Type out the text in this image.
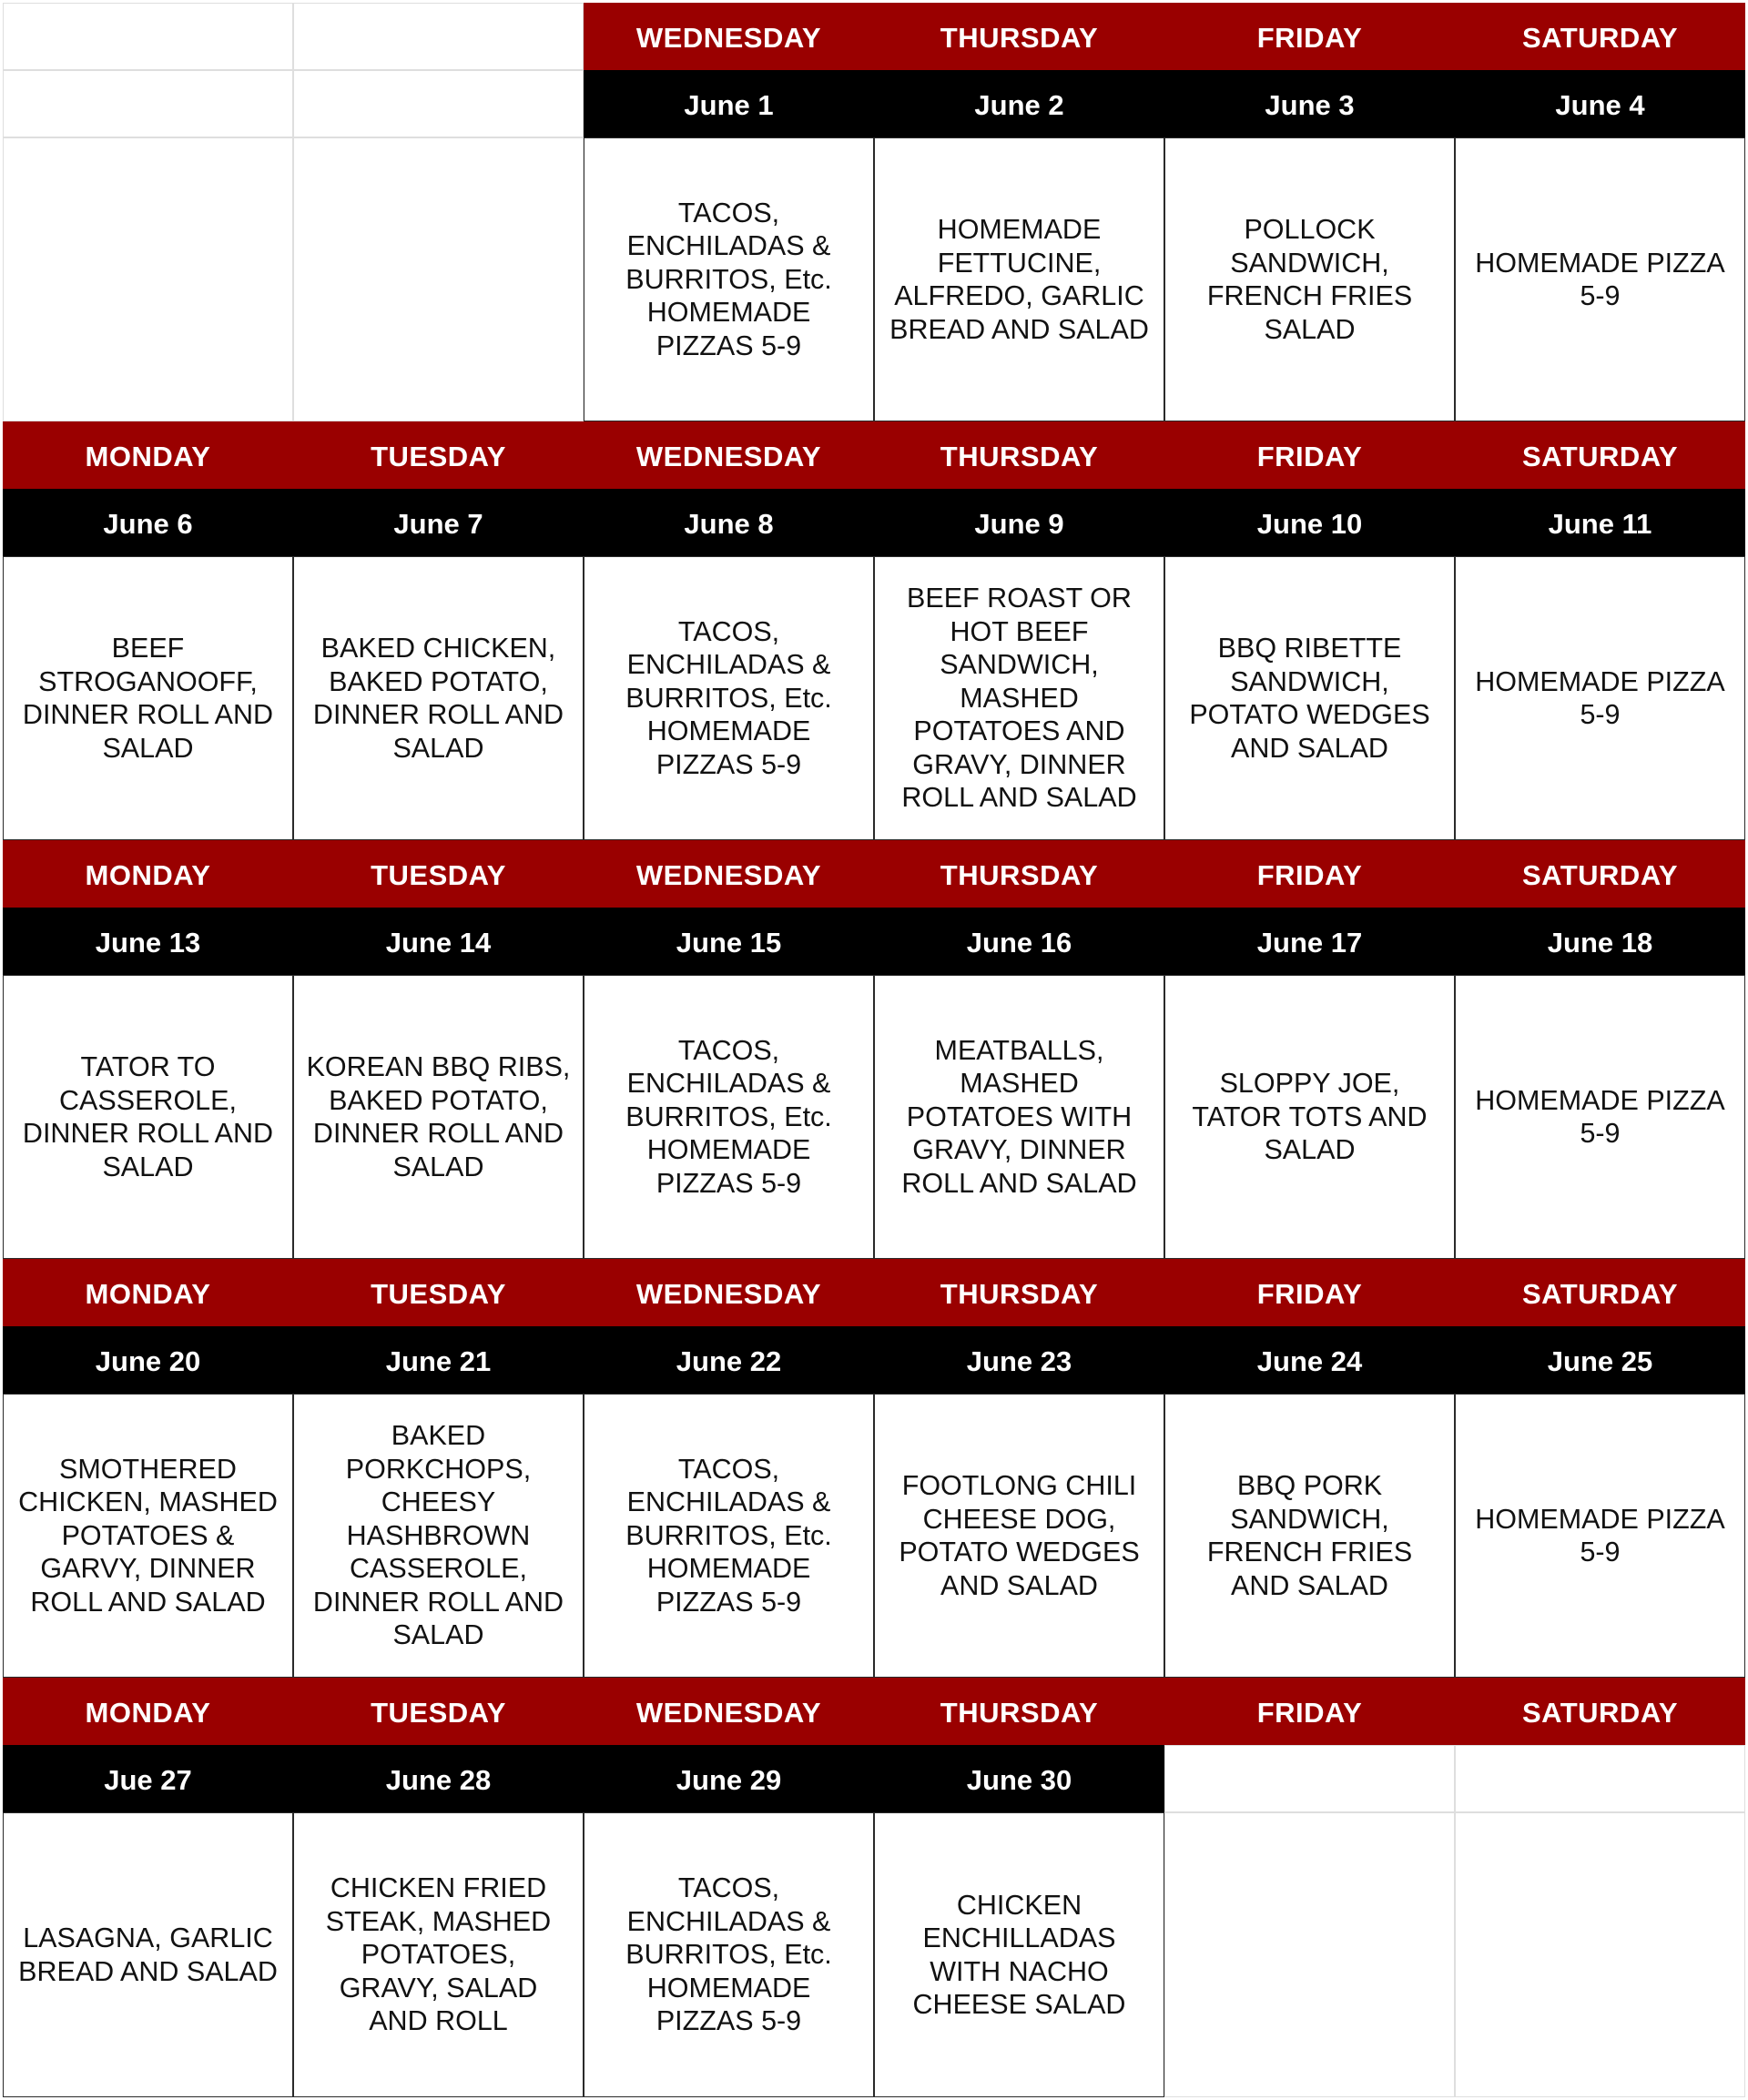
WEDNESDAY
June 1
TACOS,
ENCHILADAS &
BURRITOS, Etc.
HOMEMADE
PIZZAS 5-9
THURSDAY
June 2
HOMEMADE
FETTUCINE,
ALFREDO, GARLIC
BREAD AND SALAD
FRIDAY
June 3
POLLOCK
SANDWICH,
FRENCH FRIES
SALAD
SATURDAY
June 4
HOMEMADE PIZZA
5-9
MONDAY
June 6
BEEF
STROGANOOFF,
DINNER ROLL AND
SALAD
TUESDAY
June 7
BAKED CHICKEN,
BAKED POTATO,
DINNER ROLL AND
SALAD
WEDNESDAY
June 8
TACOS,
ENCHILADAS &
BURRITOS, Etc.
HOMEMADE
PIZZAS 5-9
THURSDAY
June 9
BEEF ROAST OR
HOT BEEF
SANDWICH,
MASHED
POTATOES AND
GRAVY, DINNER
ROLL AND SALAD
FRIDAY
June 10
BBQ RIBETTE
SANDWICH,
POTATO WEDGES
AND SALAD
SATURDAY
June 11
HOMEMADE PIZZA
5-9
MONDAY
June 13
TATOR TO
CASSEROLE,
DINNER ROLL AND
SALAD
TUESDAY
June 14
KOREAN BBQ RIBS,
BAKED POTATO,
DINNER ROLL AND
SALAD
WEDNESDAY
June 15
TACOS,
ENCHILADAS &
BURRITOS, Etc.
HOMEMADE
PIZZAS 5-9
THURSDAY
June 16
MEATBALLS,
MASHED
POTATOES WITH
GRAVY, DINNER
ROLL AND SALAD
FRIDAY
June 17
SLOPPY JOE,
TATOR TOTS AND
SALAD
SATURDAY
June 18
HOMEMADE PIZZA
5-9
MONDAY
June 20
SMOTHERED
CHICKEN, MASHED
POTATOES &
GARVY, DINNER
ROLL AND SALAD
TUESDAY
June 21
BAKED
PORKCHOPS,
CHEESY
HASHBROWN
CASSEROLE,
DINNER ROLL AND
SALAD
WEDNESDAY
June 22
TACOS,
ENCHILADAS &
BURRITOS, Etc.
HOMEMADE
PIZZAS 5-9
THURSDAY
June 23
FOOTLONG CHILI
CHEESE DOG,
POTATO WEDGES
AND SALAD
FRIDAY
June 24
BBQ PORK
SANDWICH,
FRENCH FRIES
AND SALAD
SATURDAY
June 25
HOMEMADE PIZZA
5-9
MONDAY
Jue 27
LASAGNA, GARLIC
BREAD AND SALAD
TUESDAY
June 28
CHICKEN FRIED
STEAK, MASHED
POTATOES,
GRAVY, SALAD
AND ROLL
WEDNESDAY
June 29
TACOS,
ENCHILADAS &
BURRITOS, Etc.
HOMEMADE
PIZZAS 5-9
THURSDAY
June 30
CHICKEN
ENCHILLADAS
WITH NACHO
CHEESE SALAD
FRIDAY	SATURDAY
